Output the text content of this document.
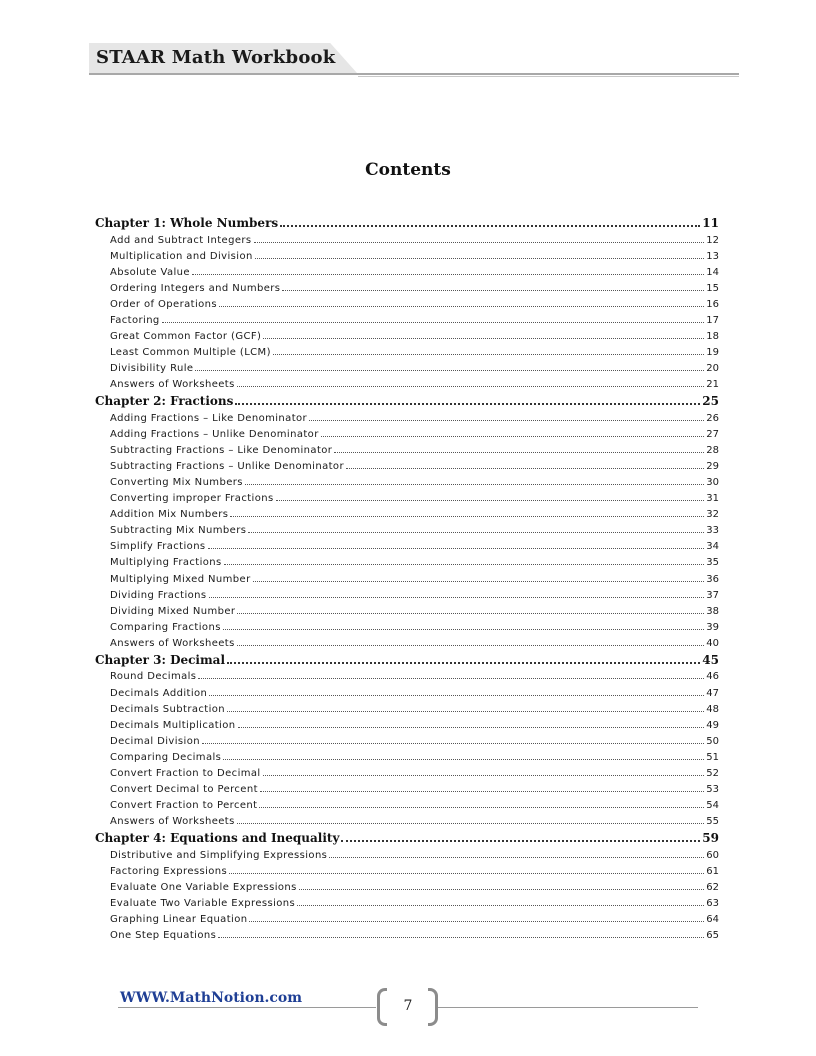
STAAR Math Workbook
Contents
Chapter 1: Whole Numbers	11
Add and Subtract Integers	12
Multiplication and Division	13
Absolute Value	14
Ordering Integers and Numbers	15
Order of Operations	16
Factoring	17
Great Common Factor (GCF)	18
Least Common Multiple (LCM)	19
Divisibility Rule	20
Answers of Worksheets	21
Chapter 2: Fractions	25
Adding Fractions – Like Denominator	26
Adding Fractions – Unlike Denominator	27
Subtracting Fractions – Like Denominator	28
Subtracting Fractions – Unlike Denominator	29
Converting Mix Numbers	30
Converting improper Fractions	31
Addition Mix Numbers	32
Subtracting Mix Numbers	33
Simplify Fractions	34
Multiplying Fractions	35
Multiplying Mixed Number	36
Dividing Fractions	37
Dividing Mixed Number	38
Comparing Fractions	39
Answers of Worksheets	40
Chapter 3: Decimal	45
Round Decimals	46
Decimals Addition	47
Decimals Subtraction	48
Decimals Multiplication	49
Decimal Division	50
Comparing Decimals	51
Convert Fraction to Decimal	52
Convert Decimal to Percent	53
Convert Fraction to Percent	54
Answers of Worksheets	55
Chapter 4: Equations and Inequality	59
Distributive and Simplifying Expressions	60
Factoring Expressions	61
Evaluate One Variable Expressions	62
Evaluate Two Variable Expressions	63
Graphing Linear Equation	64
One Step Equations	65
WWW.MathNotion.com	7
